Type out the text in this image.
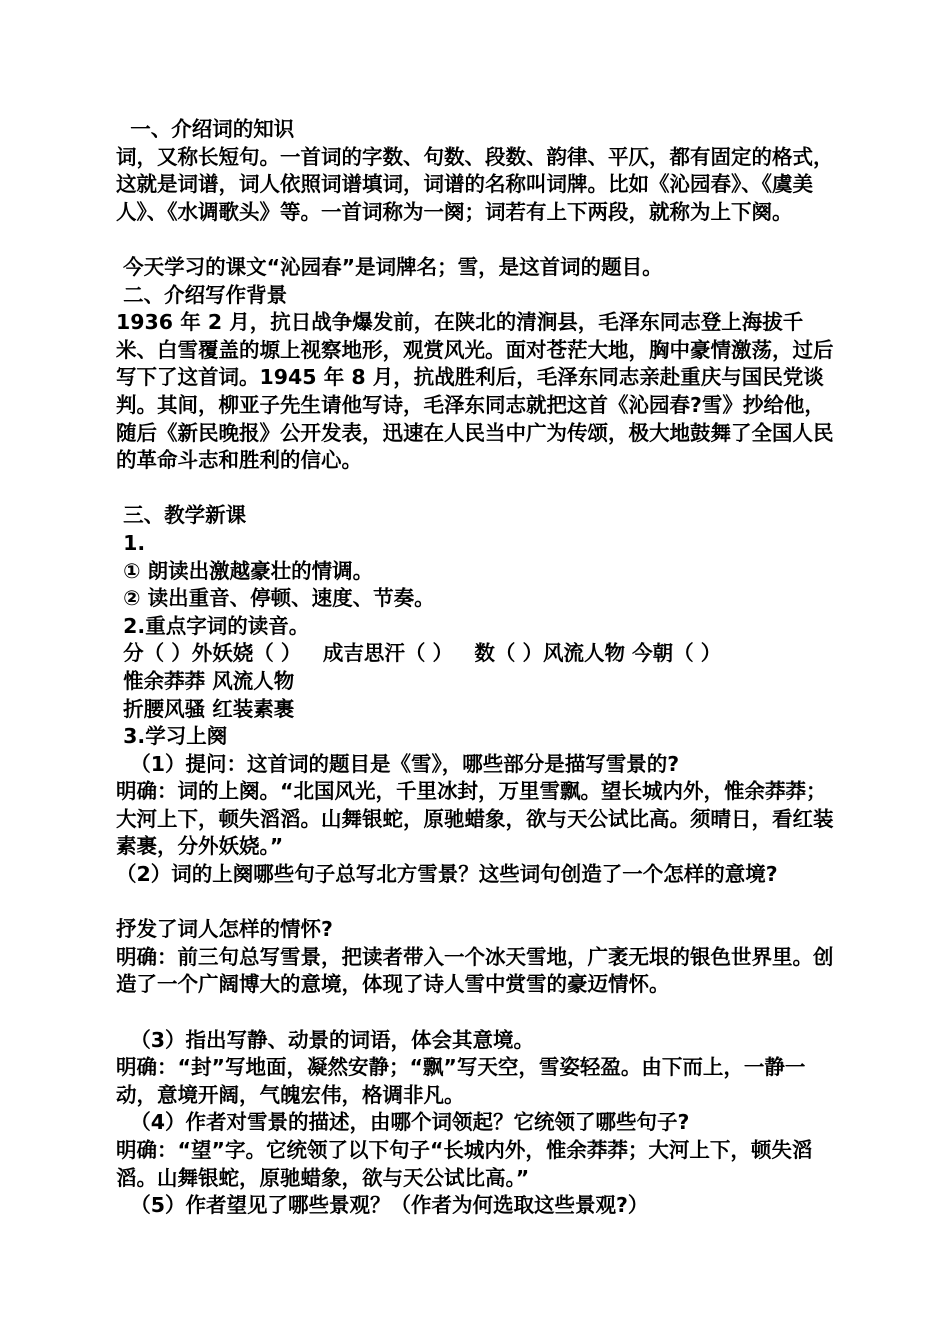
一、介绍词的知识
词，又称长短句。一首词的字数、句数、段数、韵律、平仄，都有固定的格式，这就是词谱，词人依照词谱填词，词谱的名称叫词牌。比如《沁园春》、《虞美人》、《水调歌头》等。一首词称为一阕；词若有上下两段，就称为上下阕。
今天学习的课文“沁园春”是词牌名；雪，是这首词的题目。
二、介绍写作背景
1936 年 2 月，抗日战争爆发前，在陕北的清涧县，毛泽东同志登上海拔千米、白雪覆盖的塬上视察地形，观赏风光。面对苍茫大地，胸中豪情激荡，过后写下了这首词。1945 年 8 月，抗战胜利后，毛泽东同志亲赴重庆与国民党谈判。其间，柳亚子先生请他写诗，毛泽东同志就把这首《沁园春?雪》抄给他，随后《新民晚报》公开发表，迅速在人民当中广为传颂，极大地鼓舞了全国人民的革命斗志和胜利的信心。
三、教学新课
1.
① 朗读出激越豪壮的情调。
② 读出重音、停顿、速度、节奏。
2.重点字词的读音。
分（ ）外妖娆（ ）   成吉思汗（ ）   数（ ）风流人物 今朝（ ）
惟余莽莽 风流人物
折腰风骚 红装素裹
3.学习上阕
（1）提问：这首词的题目是《雪》，哪些部分是描写雪景的?
明确：词的上阕。“北国风光，千里冰封，万里雪飘。望长城内外，惟余莽莽；大河上下，顿失滔滔。山舞银蛇，原驰蜡象，欲与天公试比高。须晴日，看红装素裹，分外妖娆。”
（2）词的上阕哪些句子总写北方雪景？这些词句创造了一个怎样的意境?
抒发了词人怎样的情怀?
明确：前三句总写雪景，把读者带入一个冰天雪地，广袤无垠的银色世界里。创造了一个广阔博大的意境，体现了诗人雪中赏雪的豪迈情怀。
（3）指出写静、动景的词语，体会其意境。
明确：“封”写地面，凝然安静；“飘”写天空，雪姿轻盈。由下而上，一静一动，意境开阔，气魄宏伟，格调非凡。
（4）作者对雪景的描述，由哪个词领起？它统领了哪些句子?
明确：“望”字。它统领了以下句子“长城内外，惟余莽莽；大河上下，顿失滔滔。山舞银蛇，原驰蜡象，欲与天公试比高。”
（5）作者望见了哪些景观？（作者为何选取这些景观?）
